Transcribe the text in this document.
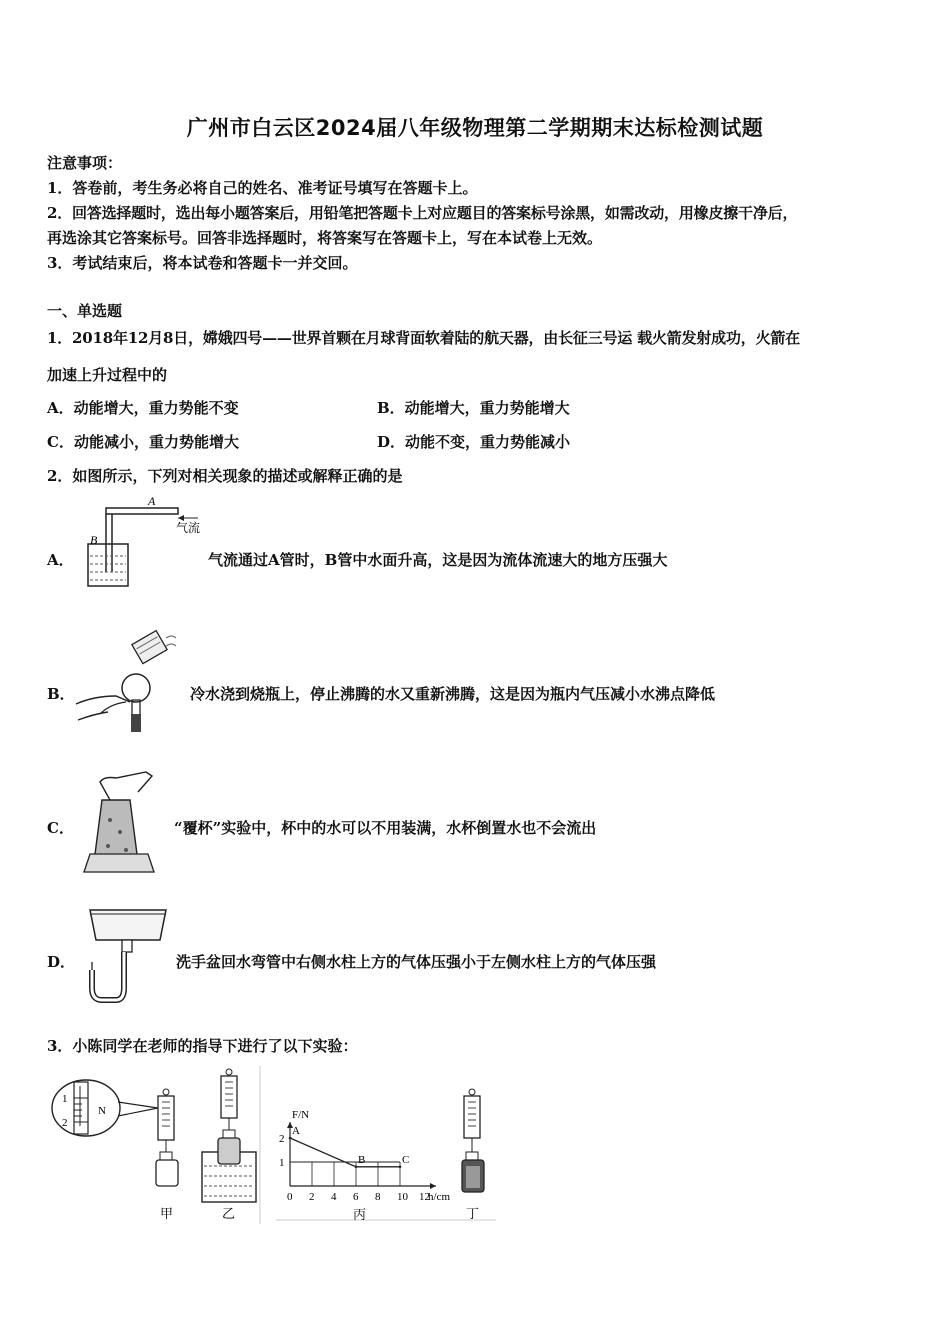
广州市白云区2024届八年级物理第二学期期末达标检测试题
注意事项：
1．答卷前，考生务必将自己的姓名、准考证号填写在答题卡上。
2．回答选择题时，选出每小题答案后，用铅笔把答题卡上对应题目的答案标号涂黑，如需改动，用橡皮擦干净后，
再选涂其它答案标号。回答非选择题时，将答案写在答题卡上，写在本试卷上无效。
3．考试结束后，将本试卷和答题卡一并交回。
一、单选题
1．2018年12月8日，嫦娥四号——世界首颗在月球背面软着陆的航天器，由长征三号运 载火箭发射成功，火箭在
加速上升过程中的
A．动能增大，重力势能不变	B．动能增大，重力势能增大
C．动能减小，重力势能增大	D．动能不变，重力势能减小
2．如图所示，下列对相关现象的描述或解释正确的是
A．
A
B
气流
气流通过A管时，B管中水面升高，这是因为流体流速大的地方压强大
B．	冷水浇到烧瓶上，停止沸腾的水又重新沸腾，这是因为瓶内气压减小水沸点降低
C．	“覆杯”实验中，杯中的水可以不用装满，水杯倒置水也不会流出
D．	洗手盆回水弯管中右侧水柱上方的气体压强小于左侧水柱上方的气体压强
3．小陈同学在老师的指导下进行了以下实验：
1
2
N
甲	乙
A
B	C
0 2 4 6 8 10 12
1
2
F/N
h/cm
丙	丁
